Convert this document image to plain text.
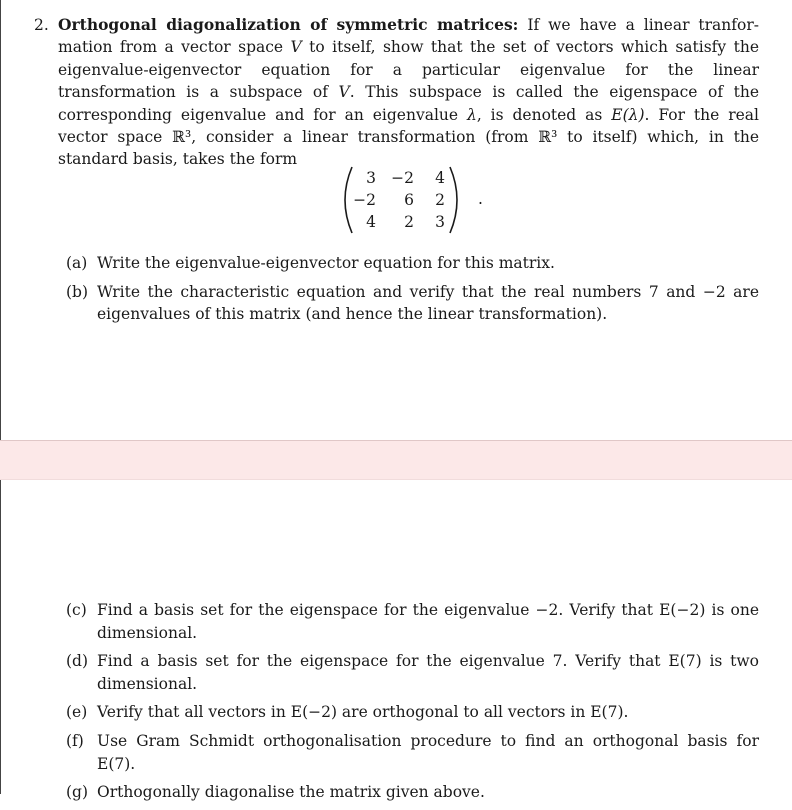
2. Orthogonal diagonalization of symmetric matrices: If we have a linear tranfor- mation from a vector space V to itself, show that the set of vectors which satisfy the eigenvalue-eigenvector equation for a particular eigenvalue for the linear transformation is a subspace of V. This subspace is called the eigenspace of the corresponding eigenvalue and for an eigenvalue λ, is denoted as E(λ). For the real vector space ℝ³, consider a linear transformation (from ℝ³ to itself) which, in the standard basis, takes the form
3 −2	4
−2	6	2
4	2	3
.
(a) Write the eigenvalue-eigenvector equation for this matrix.
(b) Write the characteristic equation and verify that the real numbers 7 and −2 are eigenvalues of this matrix (and hence the linear transformation).
(c) Find a basis set for the eigenspace for the eigenvalue −2. Verify that E(−2) is one dimensional.
(d) Find a basis set for the eigenspace for the eigenvalue 7. Verify that E(7) is two dimensional.
(e) Verify that all vectors in E(−2) are orthogonal to all vectors in E(7).
(f) Use Gram Schmidt orthogonalisation procedure to find an orthogonal basis for E(7).
(g) Orthogonally diagonalise the matrix given above.
